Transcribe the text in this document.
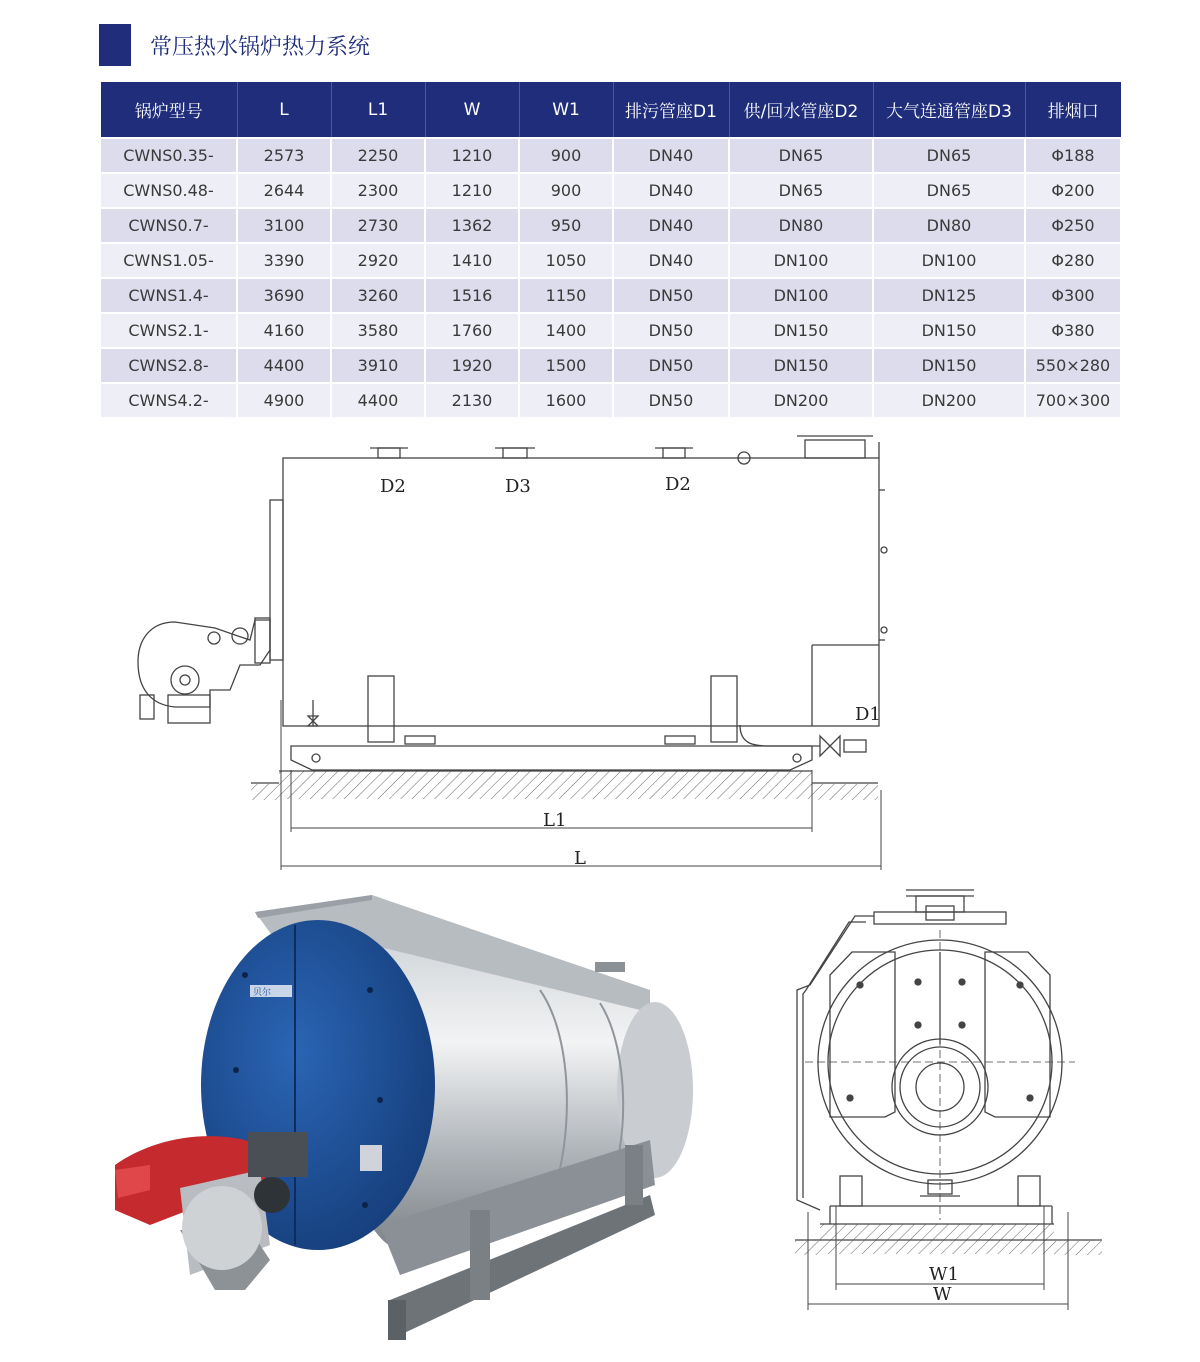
常压热水锅炉热力系统
锅炉型号	L	L1	W	W1	排污管座D1	供/回水管座D2	大气连通管座D3	排烟口
CWNS0.35-	2573	2250	1210	900	DN40	DN65	DN65	Φ188
CWNS0.48-	2644	2300	1210	900	DN40	DN65	DN65	Φ200
CWNS0.7-	3100	2730	1362	950	DN40	DN80	DN80	Φ250
CWNS1.05-	3390	2920	1410	1050	DN40	DN100	DN100	Φ280
CWNS1.4-	3690	3260	1516	1150	DN50	DN100	DN125	Φ300
CWNS2.1-	4160	3580	1760	1400	DN50	DN150	DN150	Φ380
CWNS2.8-	4400	3910	1920	1500	DN50	DN150	DN150	550×280
CWNS4.2-	4900	4400	2130	1600	DN50	DN200	DN200	700×300
D2	D3	D2
D1
L1
L
W1
W
贝尔
